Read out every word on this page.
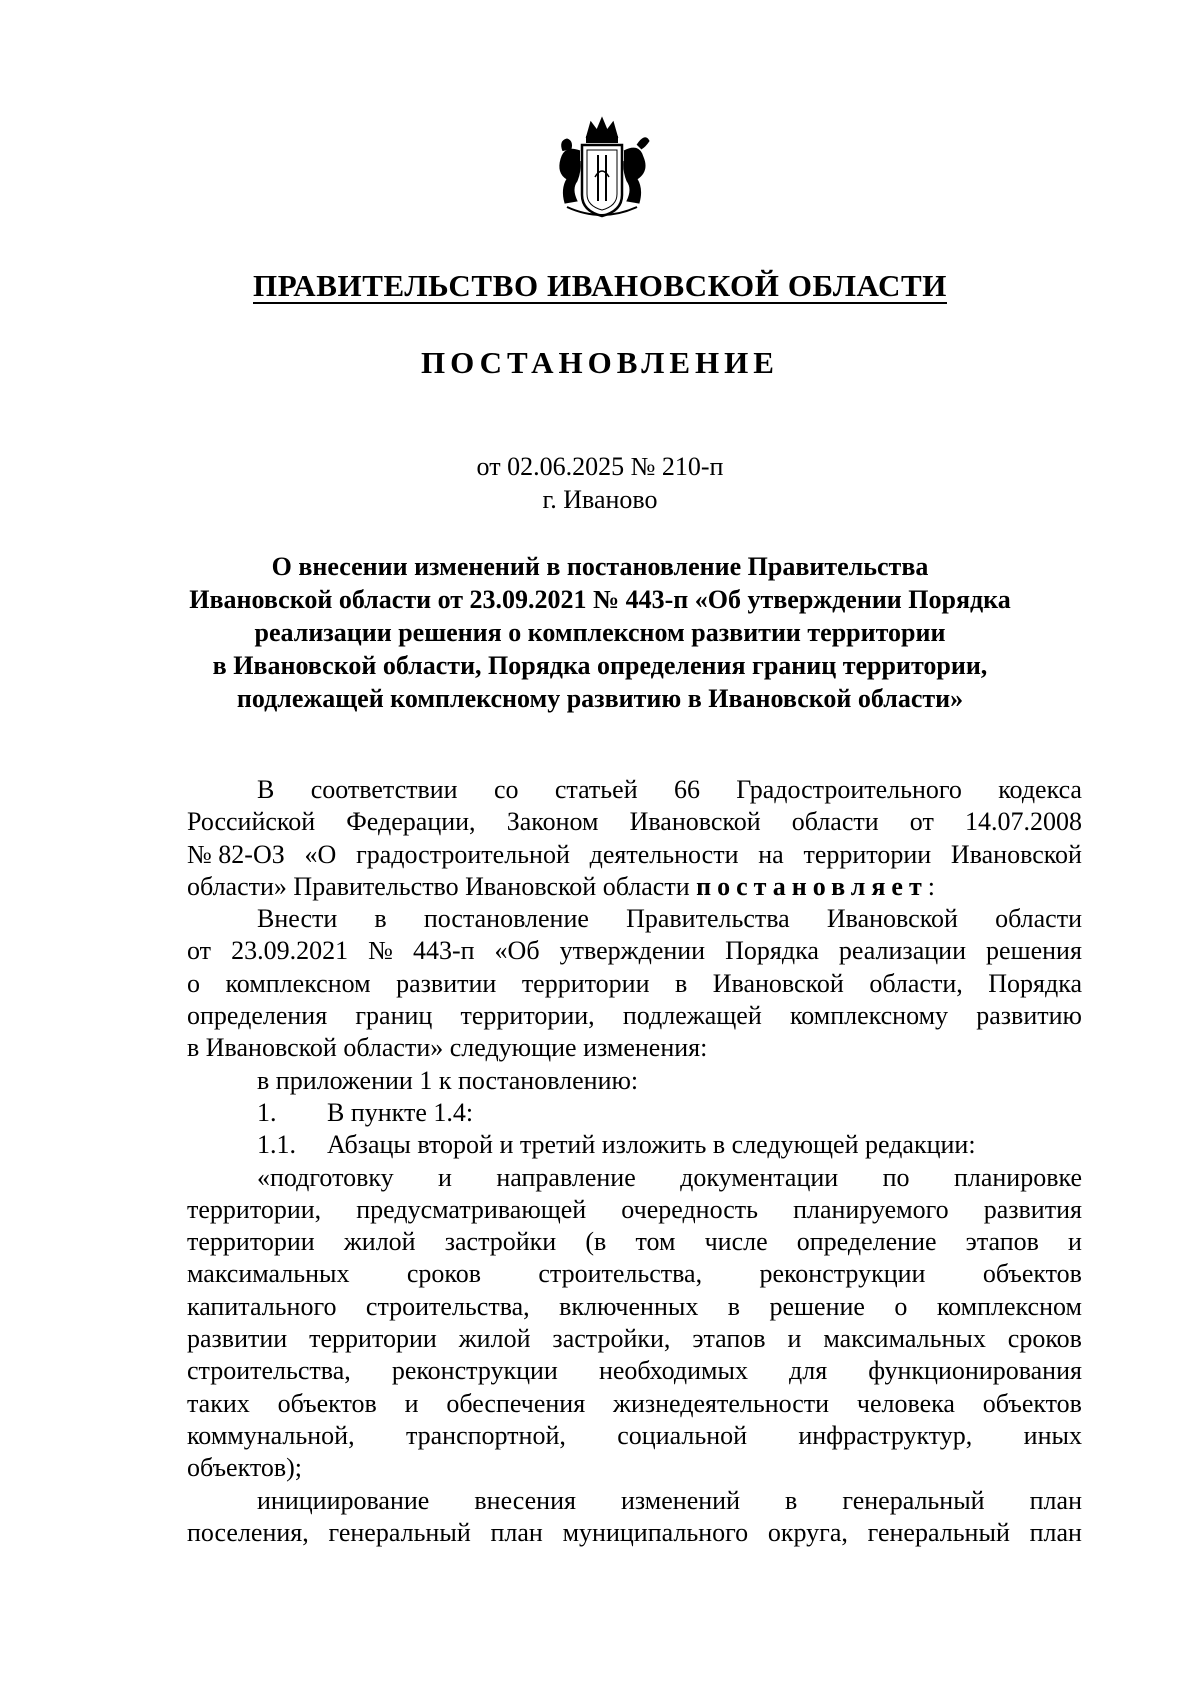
ПРАВИТЕЛЬСТВО ИВАНОВСКОЙ ОБЛАСТИ
ПОСТАНОВЛЕНИЕ
от 02.06.2025 № 210-п
г. Иваново
О внесении изменений в постановление Правительства
Ивановской области от 23.09.2021 № 443-п «Об утверждении Порядка
реализации решения о комплексном развитии территории
в Ивановской области, Порядка определения границ территории,
подлежащей комплексному развитию в Ивановской области»
В соответствии со статьей 66 Градостроительного кодекса
Российской Федерации, Законом Ивановской области от 14.07.2008
№ 82-ОЗ «О градостроительной деятельности на территории Ивановской
области» Правительство Ивановской области постановляет:
Внести в постановление Правительства Ивановской области
от 23.09.2021 № 443-п «Об утверждении Порядка реализации решения
о комплексном развитии территории в Ивановской области, Порядка
определения границ территории, подлежащей комплексному развитию
в Ивановской области» следующие изменения:
в приложении 1 к постановлению:
1. В пункте 1.4:
1.1. Абзацы второй и третий изложить в следующей редакции:
«подготовку и направление документации по планировке
территории, предусматривающей очередность планируемого развития
территории жилой застройки (в том числе определение этапов и
максимальных сроков строительства, реконструкции объектов
капитального строительства, включенных в решение о комплексном
развитии территории жилой застройки, этапов и максимальных сроков
строительства, реконструкции необходимых для функционирования
таких объектов и обеспечения жизнедеятельности человека объектов
коммунальной, транспортной, социальной инфраструктур, иных
объектов);
инициирование внесения изменений в генеральный план
поселения, генеральный план муниципального округа, генеральный план
